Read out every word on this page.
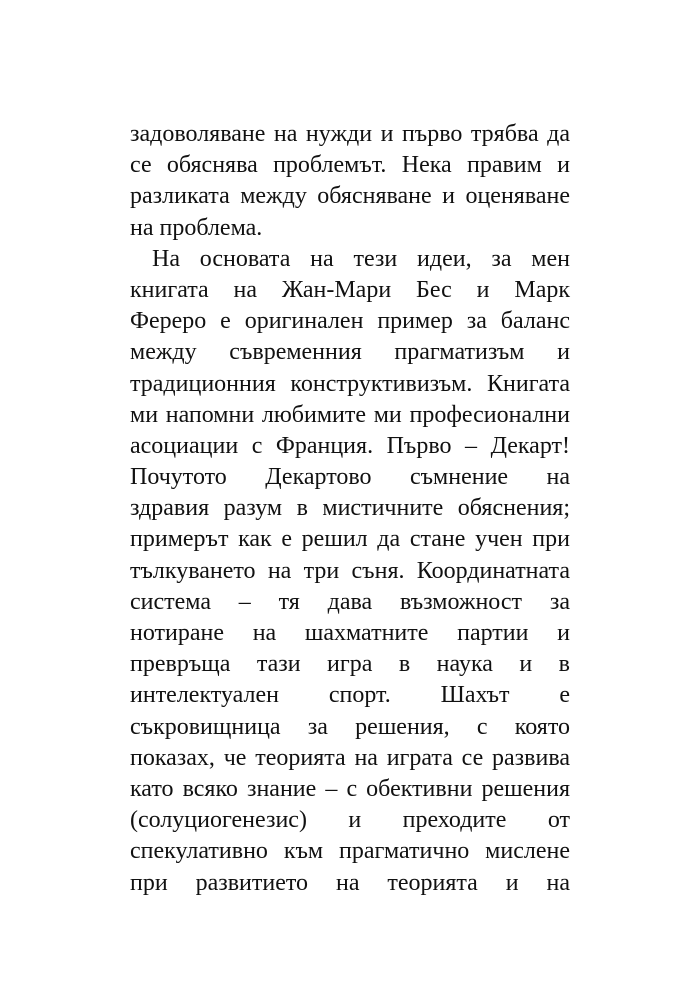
задоволяване на нужди и първо трябва да
се обяснява проблемът. Нека правим и
разликата между обясняване и оценяване
на проблема.
На основата на тези идеи, за мен
книгата на Жан-Мари Бес и Марк
Фереро е оригинален пример за баланс
между съвременния прагматизъм и
традиционния конструктивизъм. Книгата
ми напомни любимите ми професионални
асоциации с Франция. Първо – Декарт!
Почутото Декартово съмнение на
здравия разум в мистичните обяснения;
примерът как е решил да стане учен при
тълкуването на три съня. Координатната
система – тя дава възможност за
нотиране на шахматните партии и
превръща тази игра в наука и в
интелектуален спорт. Шахът е
съкровищница за решения, с която
показах, че теорията на играта се развива
като всяко знание – с обективни решения
(солуциогенезис) и преходите от
спекулативно към прагматично мислене
при развитието на теорията и на
